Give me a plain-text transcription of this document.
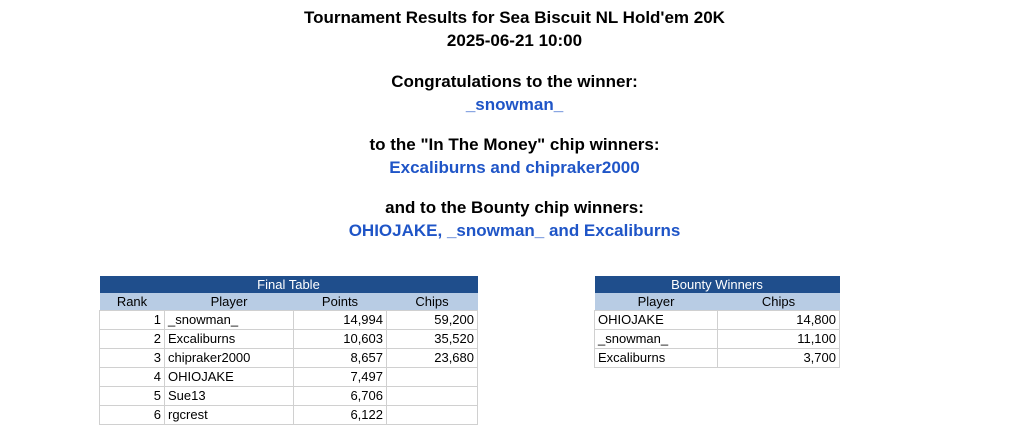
Tournament Results for Sea Biscuit NL Hold'em 20K
2025-06-21 10:00
Congratulations to the winner:
_snowman_
to the "In The Money" chip winners:
Excaliburns and chipraker2000
and to the Bounty chip winners:
OHIOJAKE, _snowman_ and Excaliburns
Final Table			
Rank	Player	Points	Chips
1	_snowman_	14,994	59,200
2	Excaliburns	10,603	35,520
3	chipraker2000	8,657	23,680
4	OHIOJAKE	7,497	
5	Sue13	6,706	
6	rgcrest	6,122	
Bounty Winners	
Player	Chips
OHIOJAKE	14,800
_snowman_	11,100
Excaliburns	3,700
